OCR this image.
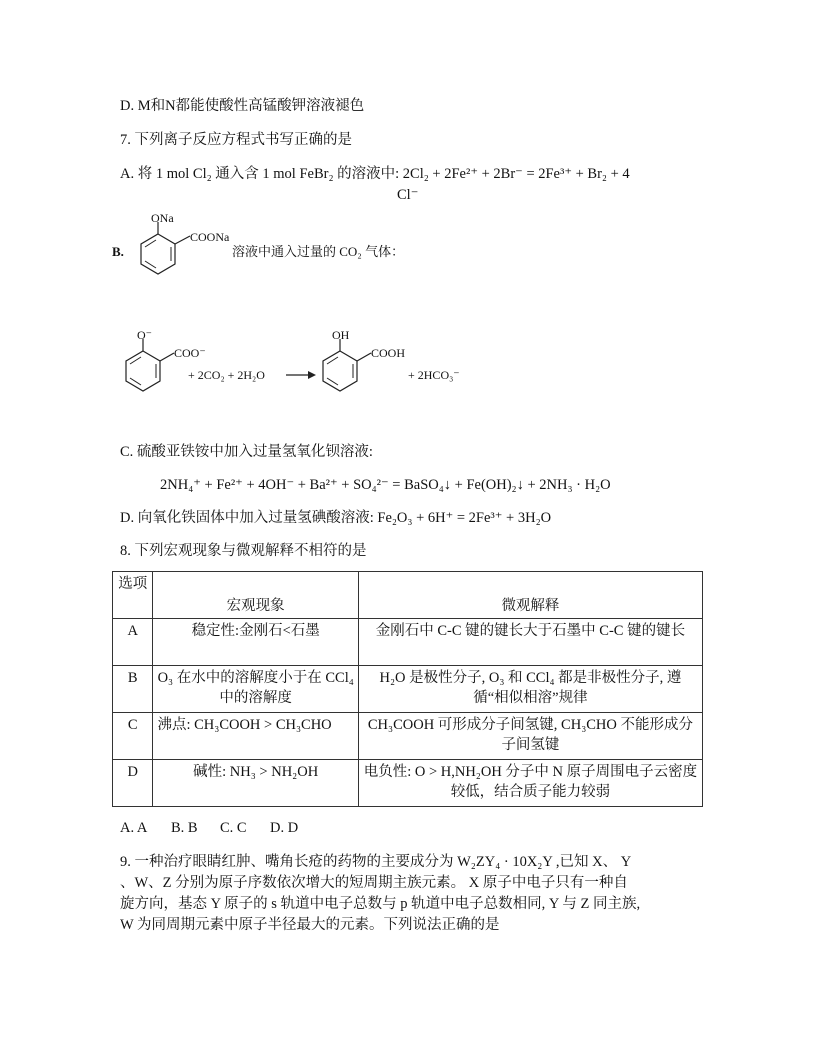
D. M和N都能使酸性高锰酸钾溶液褪色
7. 下列离子反应方程式书写正确的是
A. 将 1 mol Cl₂ 通入含 1 mol FeBr₂ 的溶液中: 2Cl₂ + 2Fe²⁺ + 2Br⁻ = 2Fe³⁺ + Br₂ + 4
Cl⁻
B.
ONa
COONa
溶液中通入过量的 CO₂ 气体：
O⁻
COO⁻
+ 2CO₂ + 2H₂O
OH
COOH
+ 2HCO₃⁻
C. 硫酸亚铁铵中加入过量氢氧化钡溶液:
2NH₄⁺ + Fe²⁺ + 4OH⁻ + Ba²⁺ + SO₄²⁻ = BaSO₄↓ + Fe(OH)₂↓ + 2NH₃ · H₂O
D. 向氧化铁固体中加入过量氢碘酸溶液: Fe₂O₃ + 6H⁺ = 2Fe³⁺ + 3H₂O
8. 下列宏观现象与微观解释不相符的是
选项	宏观现象	微观解释
A	稳定性:金刚石<石墨	金刚石中 C-C 键的键长大于石墨中 C-C 键的键长
B	O₃ 在水中的溶解度小于在 CCl₄ 中的溶解度	H₂O 是极性分子, O₃ 和 CCl₄ 都是非极性分子, 遵循“相似相溶”规律
C	沸点: CH₃COOH > CH₃CHO	CH₃COOH 可形成分子间氢键, CH₃CHO 不能形成分子间氢键
D	碱性: NH₃ > NH₂OH	电负性: O > H,NH₂OH 分子中 N 原子周围电子云密度较低，结合质子能力较弱
A. A B. B C. C D. D
9. 一种治疗眼睛红肿、嘴角长疮的药物的主要成分为 W₂ZY₄ · 10X₂Y ,已知 X、 Y
、W、Z 分别为原子序数依次增大的短周期主族元素。 X 原子中电子只有一种自
旋方向，基态 Y 原子的 s 轨道中电子总数与 p 轨道中电子总数相同, Y 与 Z 同主族,
W 为同周期元素中原子半径最大的元素。下列说法正确的是
